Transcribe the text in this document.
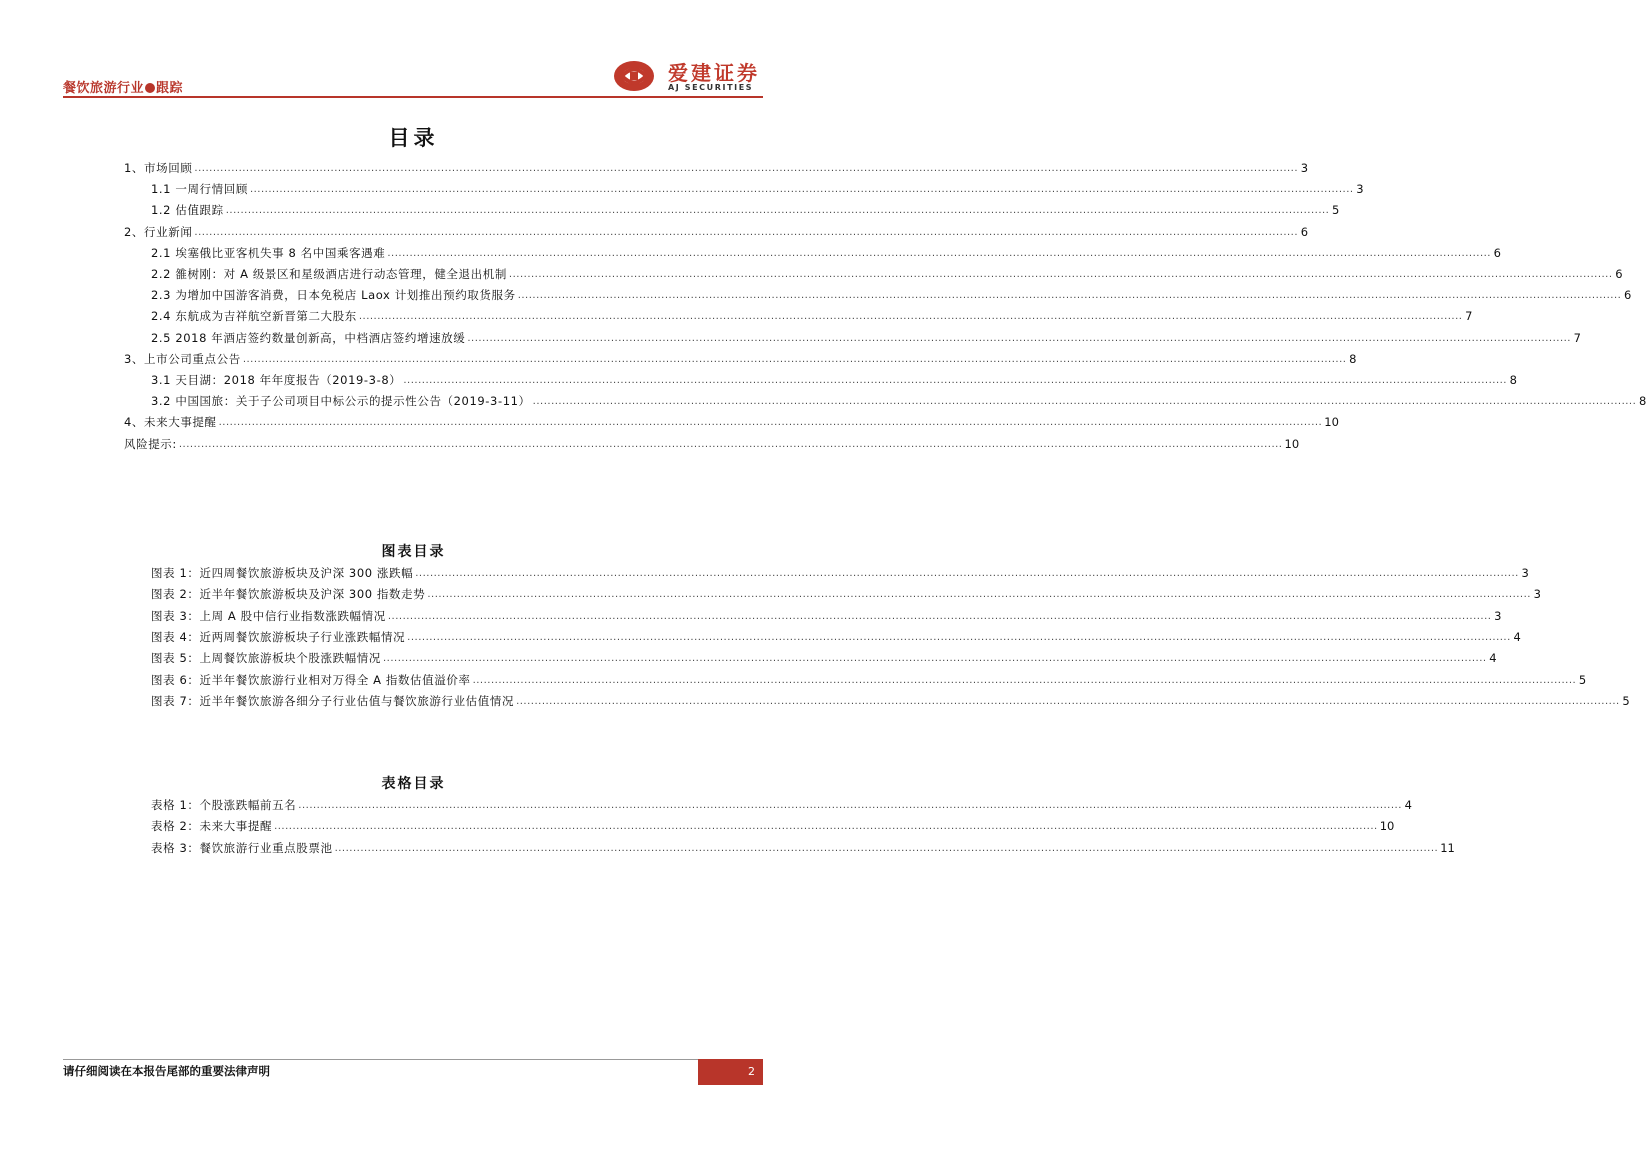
餐饮旅游行业 跟踪
爱建证券
AJ SECURITIES
目录
1、市场回顾 ............................................................................................................................................................................................................................................................................................................ 3
1.1 一周行情回顾 ............................................................................................................................................................................................................................................................................................................ 3
1.2 估值跟踪 ............................................................................................................................................................................................................................................................................................................ 5
2、行业新闻 ............................................................................................................................................................................................................................................................................................................ 6
2.1 埃塞俄比亚客机失事 8 名中国乘客遇难 ............................................................................................................................................................................................................................................................................................................ 6
2.2 雒树刚：对 A 级景区和星级酒店进行动态管理，健全退出机制 ............................................................................................................................................................................................................................................................................................................ 6
2.3 为增加中国游客消费，日本免税店 Laox 计划推出预约取货服务 ............................................................................................................................................................................................................................................................................................................ 6
2.4 东航成为吉祥航空新晋第二大股东 ............................................................................................................................................................................................................................................................................................................ 7
2.5 2018 年酒店签约数量创新高，中档酒店签约增速放缓 ............................................................................................................................................................................................................................................................................................................ 7
3、上市公司重点公告 ............................................................................................................................................................................................................................................................................................................ 8
3.1 天目湖：2018 年年度报告（2019-3-8） ............................................................................................................................................................................................................................................................................................................ 8
3.2 中国国旅：关于子公司项目中标公示的提示性公告（2019-3-11） ............................................................................................................................................................................................................................................................................................................ 8
4、未来大事提醒 ............................................................................................................................................................................................................................................................................................................ 10
风险提示: ............................................................................................................................................................................................................................................................................................................ 10
图表目录
图表 1：近四周餐饮旅游板块及沪深 300 涨跌幅 ............................................................................................................................................................................................................................................................................................................ 3
图表 2：近半年餐饮旅游板块及沪深 300 指数走势 ............................................................................................................................................................................................................................................................................................................ 3
图表 3：上周 A 股中信行业指数涨跌幅情况 ............................................................................................................................................................................................................................................................................................................ 3
图表 4：近两周餐饮旅游板块子行业涨跌幅情况 ............................................................................................................................................................................................................................................................................................................ 4
图表 5：上周餐饮旅游板块个股涨跌幅情况 ............................................................................................................................................................................................................................................................................................................ 4
图表 6：近半年餐饮旅游行业相对万得全 A 指数估值溢价率 ............................................................................................................................................................................................................................................................................................................ 5
图表 7：近半年餐饮旅游各细分子行业估值与餐饮旅游行业估值情况 ............................................................................................................................................................................................................................................................................................................ 5
表格目录
表格 1：个股涨跌幅前五名 ............................................................................................................................................................................................................................................................................................................ 4
表格 2：未来大事提醒 ............................................................................................................................................................................................................................................................................................................ 10
表格 3：餐饮旅游行业重点股票池 ............................................................................................................................................................................................................................................................................................................ 11
请仔细阅读在本报告尾部的重要法律声明	2
